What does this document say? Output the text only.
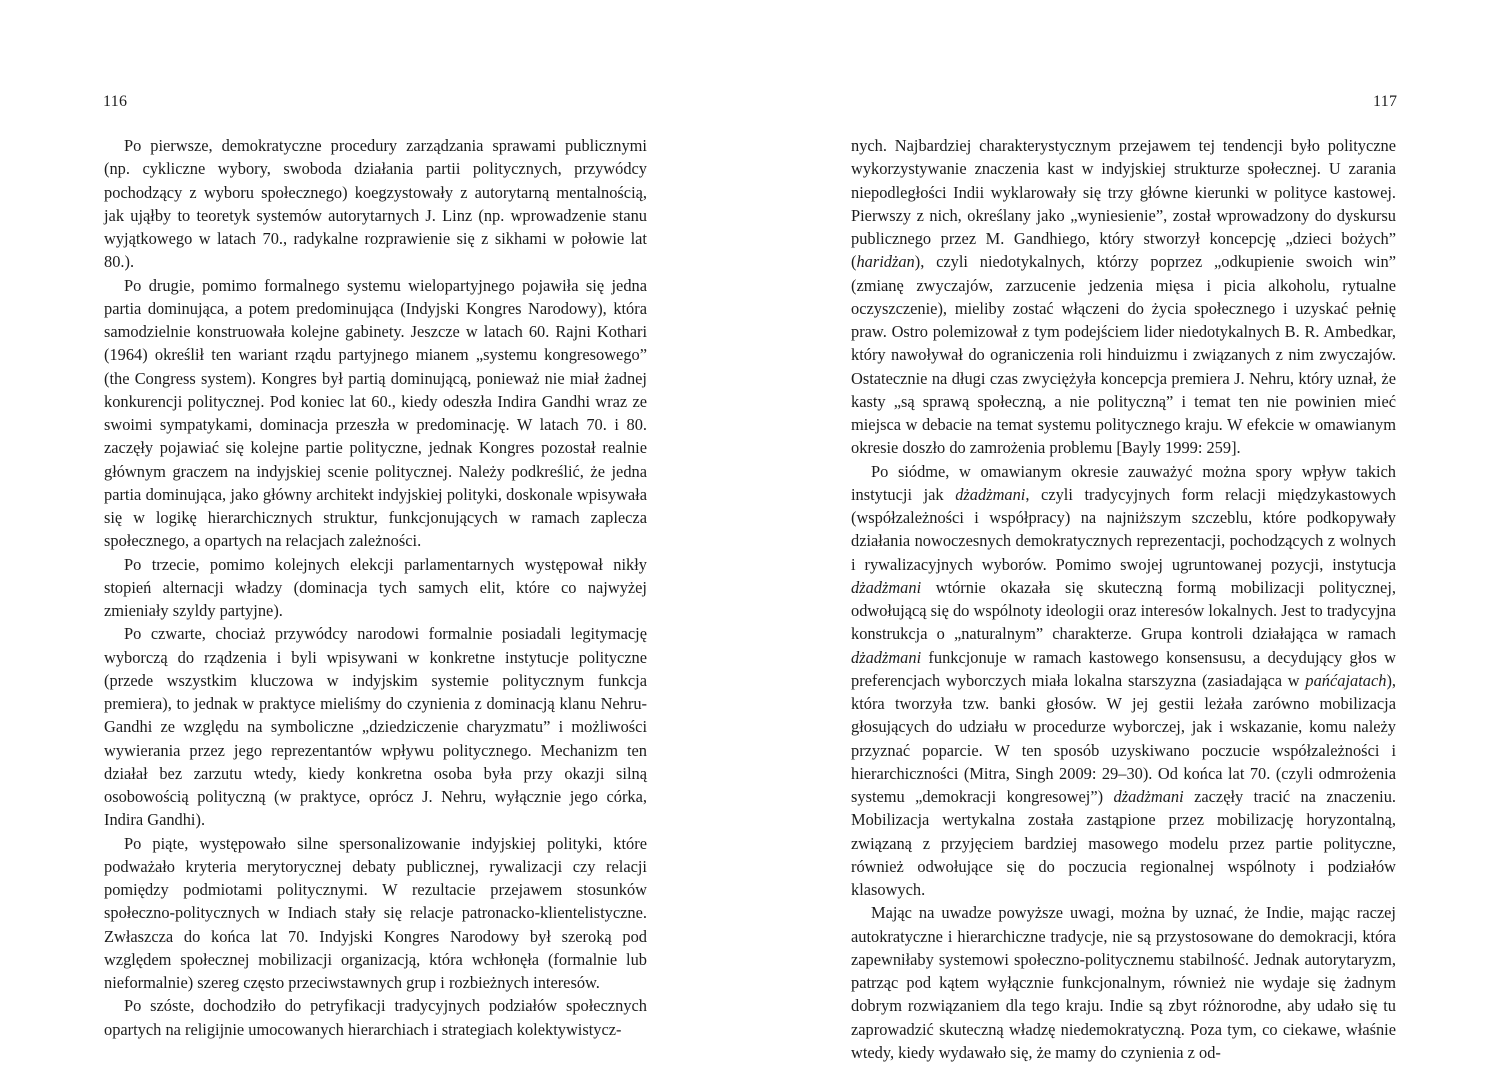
116	117

Po pierwsze, demokratyczne procedury zarządzania sprawami publicznymi (np. cykliczne wybory, swoboda działania partii politycznych, przywódcy pochodzący z wyboru społecznego) koegzystowały z autorytarną mentalnością, jak ująłby to teoretyk systemów autorytarnych J. Linz (np. wprowadzenie stanu wyjątkowego w latach 70., radykalne rozprawienie się z sikhami w połowie lat 80.).

Po drugie, pomimo formalnego systemu wielopartyjnego pojawiła się jedna partia dominująca, a potem predominująca (Indyjski Kongres Narodowy), która samodzielnie konstruowała kolejne gabinety. Jeszcze w latach 60. Rajni Kothari (1964) określił ten wariant rządu partyjnego mianem „systemu kongresowego” (the Congress system). Kongres był partią dominującą, ponieważ nie miał żadnej konkurencji politycznej. Pod koniec lat 60., kiedy odeszła Indira Gandhi wraz ze swoimi sympatykami, dominacja przeszła w predominację. W latach 70. i 80. zaczęły pojawiać się kolejne partie polityczne, jednak Kongres pozostał realnie głównym graczem na indyjskiej scenie politycznej. Należy podkreślić, że jedna partia dominująca, jako główny architekt indyjskiej polityki, doskonale wpisywała się w logikę hierarchicznych struktur, funkcjonujących w ramach zaplecza społecznego, a opartych na relacjach zależności.

Po trzecie, pomimo kolejnych elekcji parlamentarnych występował nikły stopień alternacji władzy (dominacja tych samych elit, które co najwyżej zmieniały szyldy partyjne).

Po czwarte, chociaż przywódcy narodowi formalnie posiadali legitymację wyborczą do rządzenia i byli wpisywani w konkretne instytucje polityczne (przede wszystkim kluczowa w indyjskim systemie politycznym funkcja premiera), to jednak w praktyce mieliśmy do czynienia z dominacją klanu Nehru-Gandhi ze względu na symboliczne „dziedziczenie charyzmatu” i możliwości wywierania przez jego reprezentantów wpływu politycznego. Mechanizm ten działał bez zarzutu wtedy, kiedy konkretna osoba była przy okazji silną osobowością polityczną (w praktyce, oprócz J. Nehru, wyłącznie jego córka, Indira Gandhi).

Po piąte, występowało silne spersonalizowanie indyjskiej polityki, które podważało kryteria merytorycznej debaty publicznej, rywalizacji czy relacji pomiędzy podmiotami politycznymi. W rezultacie przejawem stosunków społeczno-politycznych w Indiach stały się relacje patronacko-klientelistyczne. Zwłaszcza do końca lat 70. Indyjski Kongres Narodowy był szeroką pod względem społecznej mobilizacji organizacją, która wchłonęła (formalnie lub nieformalnie) szereg często przeciwstawnych grup i rozbieżnych interesów.

Po szóste, dochodziło do petryfikacji tradycyjnych podziałów społecznych opartych na religijnie umocowanych hierarchiach i strategiach kolektywistycz-

nych. Najbardziej charakterystycznym przejawem tej tendencji było polityczne wykorzystywanie znaczenia kast w indyjskiej strukturze społecznej. U zarania niepodległości Indii wyklarowały się trzy główne kierunki w polityce kastowej. Pierwszy z nich, określany jako „wyniesienie”, został wprowadzony do dyskursu publicznego przez M. Gandhiego, który stworzył koncepcję „dzieci bożych” (haridżan), czyli niedotykalnych, którzy poprzez „odkupienie swoich win” (zmianę zwyczajów, zarzucenie jedzenia mięsa i picia alkoholu, rytualne oczyszczenie), mieliby zostać włączeni do życia społecznego i uzyskać pełnię praw. Ostro polemizował z tym podejściem lider niedotykalnych B. R. Ambedkar, który nawoływał do ograniczenia roli hinduizmu i związanych z nim zwyczajów. Ostatecznie na długi czas zwyciężyła koncepcja premiera J. Nehru, który uznał, że kasty „są sprawą społeczną, a nie polityczną” i temat ten nie powinien mieć miejsca w debacie na temat systemu politycznego kraju. W efekcie w omawianym okresie doszło do zamrożenia problemu [Bayly 1999: 259].

Po siódme, w omawianym okresie zauważyć można spory wpływ takich instytucji jak dżadżmani, czyli tradycyjnych form relacji międzykastowych (współzależności i współpracy) na najniższym szczeblu, które podkopywały działania nowoczesnych demokratycznych reprezentacji, pochodzących z wolnych i rywalizacyjnych wyborów. Pomimo swojej ugruntowanej pozycji, instytucja dżadżmani wtórnie okazała się skuteczną formą mobilizacji politycznej, odwołującą się do wspólnoty ideologii oraz interesów lokalnych. Jest to tradycyjna konstrukcja o „naturalnym” charakterze. Grupa kontroli działająca w ramach dżadżmani funkcjonuje w ramach kastowego konsensusu, a decydujący głos w preferencjach wyborczych miała lokalna starszyzna (zasiadająca w pańćajatach), która tworzyła tzw. banki głosów. W jej gestii leżała zarówno mobilizacja głosujących do udziału w procedurze wyborczej, jak i wskazanie, komu należy przyznać poparcie. W ten sposób uzyskiwano poczucie współzależności i hierarchiczności (Mitra, Singh 2009: 29–30). Od końca lat 70. (czyli odmrożenia systemu „demokracji kongresowej”) dżadżmani zaczęły tracić na znaczeniu. Mobilizacja wertykalna została zastąpione przez mobilizację horyzontalną, związaną z przyjęciem bardziej masowego modelu przez partie polityczne, również odwołujące się do poczucia regionalnej wspólnoty i podziałów klasowych.

Mając na uwadze powyższe uwagi, można by uznać, że Indie, mając raczej autokratyczne i hierarchiczne tradycje, nie są przystosowane do demokracji, która zapewniłaby systemowi społeczno-politycznemu stabilność. Jednak autorytaryzm, patrząc pod kątem wyłącznie funkcjonalnym, również nie wydaje się żadnym dobrym rozwiązaniem dla tego kraju. Indie są zbyt różnorodne, aby udało się tu zaprowadzić skuteczną władzę niedemokratyczną. Poza tym, co ciekawe, właśnie wtedy, kiedy wydawało się, że mamy do czynienia z od-
